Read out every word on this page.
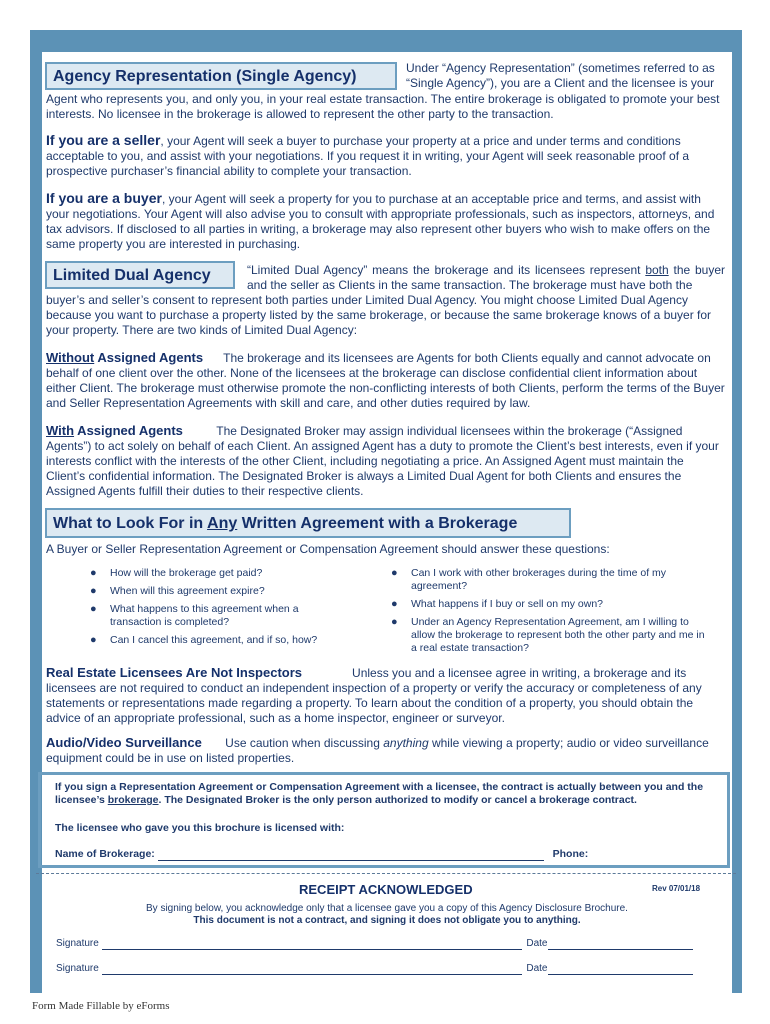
Agency Representation (Single Agency)	Under “Agency Representation” (sometimes referred to as “Single Agency”), you are a Client and the licensee is your
Agent who represents you, and only you, in your real estate transaction. The entire brokerage is obligated to promote your best interests. No licensee in the brokerage is allowed to represent the other party to the transaction.
If you are a seller, your Agent will seek a buyer to purchase your property at a price and under terms and conditions acceptable to you, and assist with your negotiations. If you request it in writing, your Agent will seek reasonable proof of a prospective purchaser’s financial ability to complete your transaction.
If you are a buyer, your Agent will seek a property for you to purchase at an acceptable price and terms, and assist with your negotiations. Your Agent will also advise you to consult with appropriate professionals, such as inspectors, attorneys, and tax advisors. If disclosed to all parties in writing, a brokerage may also represent other buyers who wish to make offers on the same property you are interested in purchasing.
Limited Dual Agency	“Limited Dual Agency” means the brokerage and its licensees represent both the buyer and the seller as Clients in the same transaction. The brokerage must have both the
buyer’s and seller’s consent to represent both parties under Limited Dual Agency. You might choose Limited Dual Agency because you want to purchase a property listed by the same brokerage, or because the same brokerage knows of a buyer for your property. There are two kinds of Limited Dual Agency:
Without Assigned Agents The brokerage and its licensees are Agents for both Clients equally and cannot advocate on behalf of one client over the other. None of the licensees at the brokerage can disclose confidential client information about either Client. The brokerage must otherwise promote the non-conflicting interests of both Clients, perform the terms of the Buyer and Seller Representation Agreements with skill and care, and other duties required by law.
With Assigned Agents	The Designated Broker may assign individual licensees within the brokerage (“Assigned Agents”) to act solely on behalf of each Client. An assigned Agent has a duty to promote the Client’s best interests, even if your interests conflict with the interests of the other Client, including negotiating a price. An Assigned Agent must maintain the Client’s confidential information. The Designated Broker is always a Limited Dual Agent for both Clients and ensures the Assigned Agents fulfill their duties to their respective clients.
What to Look For in Any Written Agreement with a Brokerage
A Buyer or Seller Representation Agreement or Compensation Agreement should answer these questions:
● How will the brokerage get paid?
● When will this agreement expire?
● What happens to this agreement when a transaction is completed?
● Can I cancel this agreement, and if so, how?
● Can I work with other brokerages during the time of my agreement?
● What happens if I buy or sell on my own?
● Under an Agency Representation Agreement, am I willing to allow the brokerage to represent both the other party and me in a real estate transaction?
Real Estate Licensees Are Not Inspectors	Unless you and a licensee agree in writing, a brokerage and its licensees are not required to conduct an independent inspection of a property or verify the accuracy or completeness of any statements or representations made regarding a property. To learn about the condition of a property, you should obtain the advice of an appropriate professional, such as a home inspector, engineer or surveyor.
Audio/Video Surveillance Use caution when discussing anything while viewing a property; audio or video surveillance equipment could be in use on listed properties.
If you sign a Representation Agreement or Compensation Agreement with a licensee, the contract is actually between you and the licensee’s brokerage. The Designated Broker is the only person authorized to modify or cancel a brokerage contract.
The licensee who gave you this brochure is licensed with:
Name of Brokerage:	Phone:
RECEIPT ACKNOWLEDGED	Rev 07/01/18
By signing below, you acknowledge only that a licensee gave you a copy of this Agency Disclosure Brochure.
This document is not a contract, and signing it does not obligate you to anything.
Signature	Date
Signature	Date
Form Made Fillable by eForms
